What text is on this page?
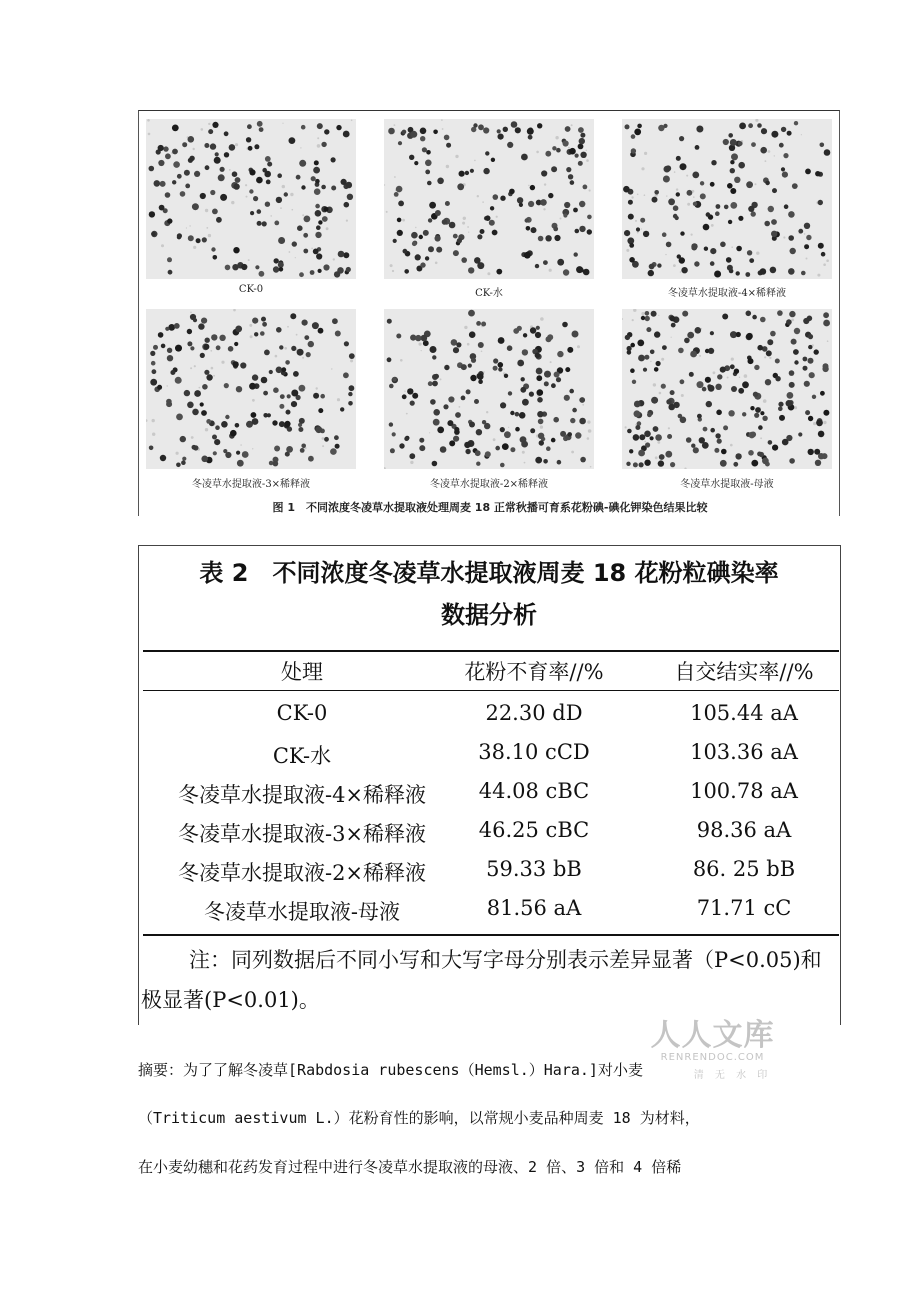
CK-0	CK-水	冬凌草水提取液-4×稀释液
冬凌草水提取液-3×稀释液	冬凌草水提取液-2×稀释液	冬凌草水提取液-母液
图 1　不同浓度冬凌草水提取液处理周麦 18 正常秋播可育系花粉碘-碘化钾染色结果比较
表 2　不同浓度冬凌草水提取液周麦 18 花粉粒碘染率
数据分析
处理	花粉不育率//%	自交结实率//%
CK-0	22.30 dD	105.44 aA
CK-水	38.10 cCD	103.36 aA
冬凌草水提取液-4×稀释液	44.08 cBC	100.78 aA
冬凌草水提取液-3×稀释液	46.25 cBC	98.36 aA
冬凌草水提取液-2×稀释液	59.33 bB	86. 25 bB
冬凌草水提取液-母液	81.56 aA	71.71 cC
注：同列数据后不同小写和大写字母分别表示差异显著（P<0.05)和极显著(P<0.01)。
人人文库
RENRENDOC.COM
清 无 水 印
摘要：为了了解冬凌草[Rabdosia rubescens（Hemsl.）Hara.]对小麦
（Triticum aestivum L.）花粉育性的影响，以常规小麦品种周麦 18 为材料，
在小麦幼穗和花药发育过程中进行冬凌草水提取液的母液、2 倍、3 倍和 4 倍稀
